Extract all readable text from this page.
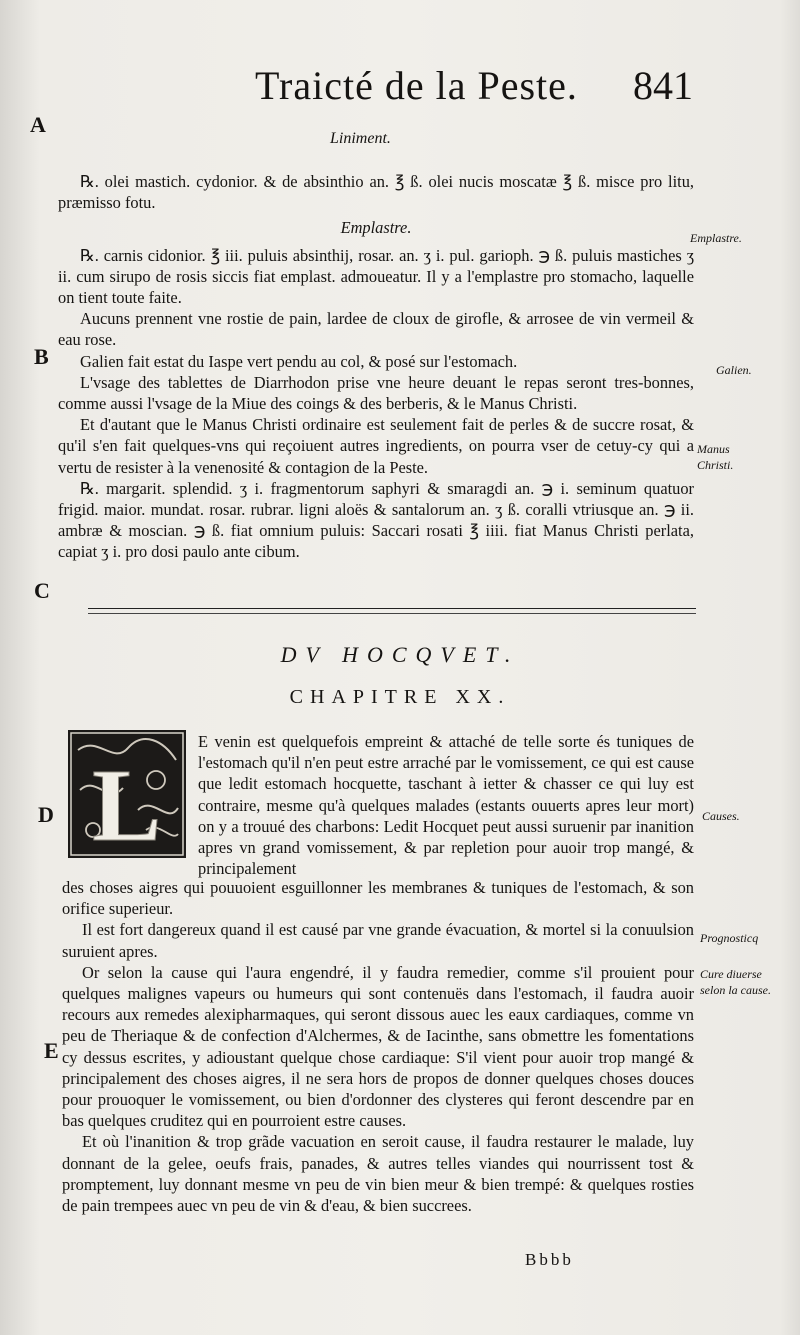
Traicté de la Peste. 841
A
B
C
D
E
Emplastre.
Galien.
Manus Christi.
Causes.
Prognosticq
Cure diuerse selon la cause.
Liniment.

℞. olei mastich. cydonior. & de absinthio an. ℥ ß. olei nucis moscatæ ℥ ß. misce pro litu, præmisso fotu.

Emplastre.

℞. carnis cidonior. ℥ iii. puluis absinthij, rosar. an. ʒ i. pul. garioph. ℈ ß. puluis mastiches ʒ ii. cum sirupo de rosis siccis fiat emplast. admoueatur. Il y a l'emplastre pro stomacho, laquelle on tient toute faite.

Aucuns prennent vne rostie de pain, lardee de cloux de girofle, & arrosee de vin vermeil & eau rose.

Galien fait estat du Iaspe vert pendu au col, & posé sur l'estomach.

L'vsage des tablettes de Diarrhodon prise vne heure deuant le repas seront tres-bonnes, comme aussi l'vsage de la Miue des coings & des berberis, & le Manus Christi.

Et d'autant que le Manus Christi ordinaire est seulement fait de perles & de succre rosat, & qu'il s'en fait quelques-vns qui reçoiuent autres ingredients, on pourra vser de cetuy-cy qui a vertu de resister à la venenosité & contagion de la Peste.

℞. margarit. splendid. ʒ i. fragmentorum saphyri & smaragdi an. ℈ i. seminum quatuor frigid. maior. mundat. rosar. rubrar. ligni aloës & santalorum an. ʒ ß. coralli vtriusque an. ℈ ii. ambræ & moscian. ℈ ß. fiat omnium puluis: Saccari rosati ℥ iiii. fiat Manus Christi perlata, capiat ʒ i. pro dosi paulo ante cibum.

DV HOCQVET.
CHAPITRE XX.
L

E venin est quelquefois empreint & attaché de telle sorte és tuniques de l'estomach qu'il n'en peut estre arraché par le vomissement, ce qui est cause que ledit estomach hocquette, taschant à ietter & chasser ce qui luy est contraire, mesme qu'à quelques malades (estants ouuerts apres leur mort) on y a trouué des charbons: Ledit Hocquet peut aussi suruenir par inanition apres vn grand vomissement, & par repletion pour auoir trop mangé, & principalement

des choses aigres qui pouuoient esguillonner les membranes & tuniques de l'estomach, & son orifice superieur.

Il est fort dangereux quand il est causé par vne grande évacuation, & mortel si la conuulsion suruient apres.

Or selon la cause qui l'aura engendré, il y faudra remedier, comme s'il prouient pour quelques malignes vapeurs ou humeurs qui sont contenuës dans l'estomach, il faudra auoir recours aux remedes alexipharmaques, qui seront dissous auec les eaux cardiaques, comme vn peu de Theriaque & de confection d'Alchermes, & de Iacinthe, sans obmettre les fomentations cy dessus escrites, y adioustant quelque chose cardiaque: S'il vient pour auoir trop mangé & principalement des choses aigres, il ne sera hors de propos de donner quelques choses douces pour prouoquer le vomissement, ou bien d'ordonner des clysteres qui feront descendre par en bas quelques cruditez qui en pourroient estre causes.

Et où l'inanition & trop grãde vacuation en seroit cause, il faudra restaurer le malade, luy donnant de la gelee, oeufs frais, panades, & autres telles viandes qui nourrissent tost & promptement, luy donnant mesme vn peu de vin bien meur & bien trempé: & quelques rosties de pain trempees auec vn peu de vin & d'eau, & bien succrees.

Bbbb
